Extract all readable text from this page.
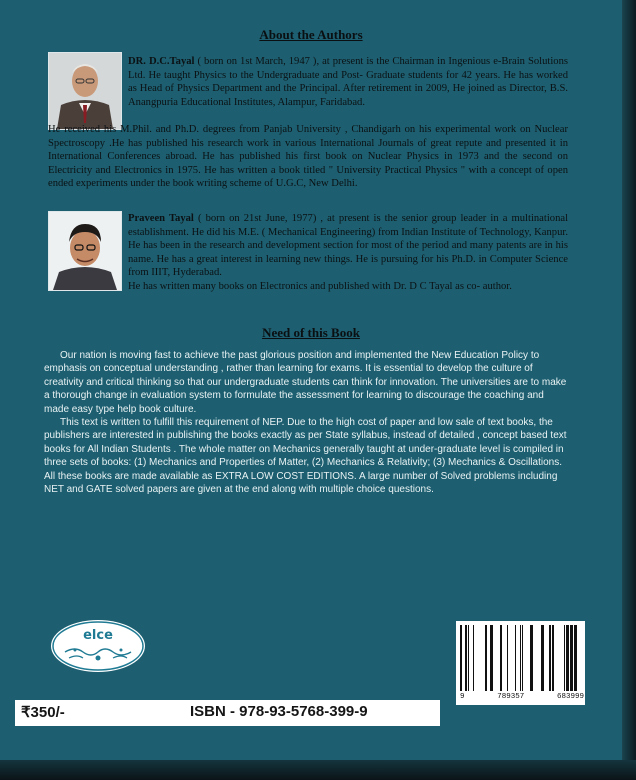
About the Authors
DR. D.C.Tayal ( born on 1st March, 1947 ), at present is the Chairman in Ingenious e-Brain Solutions Ltd. He taught Physics to the Undergraduate and Post- Graduate students for 42 years. He has worked as Head of Physics Department and the Principal. After retirement in 2009, He joined as Director, B.S. Anangpuria Educational Institutes, Alampur, Faridabad.
He received his M.Phil. and Ph.D. degrees from Panjab University , Chandigarh on his experimental work on Nuclear Spectroscopy .He has published his research work in various International Journals of great repute and presented it in International Conferences abroad. He has published his first book on Nuclear Physics in 1973 and the second on Electricity and Electronics in 1975. He has written a book titled " University Practical Physics " with a concept of open ended experiments under the book writing scheme of U.G.C, New Delhi.
Praveen Tayal ( born on 21st June, 1977) , at present is the senior group leader in a multinational establishment. He did his M.E. ( Mechanical Engineering) from Indian Institute of Technology, Kanpur. He has been in the research and development section for most of the period and many patents are in his name. He has a great interest in learning new things. He is pursuing for his Ph.D. in Computer Science from IIIT, Hyderabad.
He has written many books on Electronics and published with Dr. D C Tayal as co- author.
Need of this Book

Our nation is moving fast to achieve the past glorious position and implemented the New Education Policy to emphasis on conceptual understanding , rather than learning for exams. It is essential to develop the culture of creativity and critical thinking so that our undergraduate students can think for innovation. The universities are to make a thorough change in evaluation system to formulate the assessment for learning to discourage the coaching and made easy type help book culture.

This text is written to fulfill this requirement of NEP. Due to the high cost of paper and low sale of text books, the publishers are interested in publishing the books exactly as per State syllabus, instead of detailed , concept based text books for All Indian Students . The whole matter on Mechanics generally taught at under-graduate level is compiled in three sets of books: (1) Mechanics and Properties of Matter, (2) Mechanics & Relativity; (3) Mechanics & Oscillations. All these books are made available as EXTRA LOW COST EDITIONS. A large number of Solved problems including NET and GATE solved papers are given at the end along with multiple choice questions.

elce
9	789357	683999
₹350/-	ISBN - 978-93-5768-399-9
